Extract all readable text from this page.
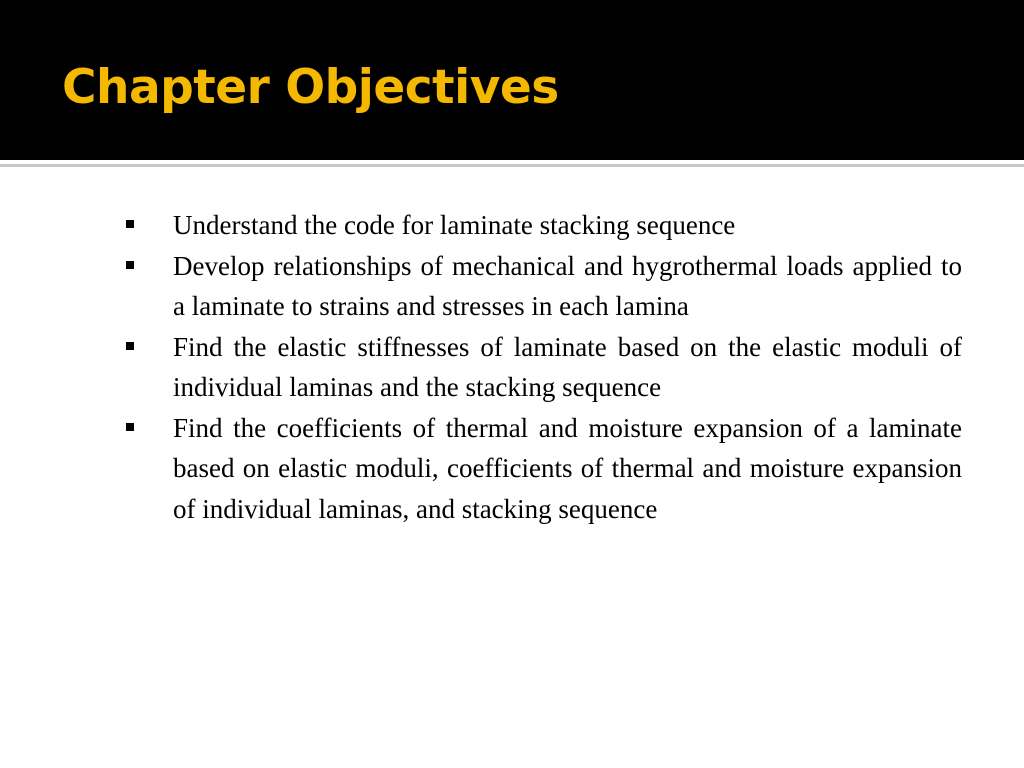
Chapter Objectives
Understand the code for laminate stacking sequence
Develop relationships of mechanical and hygrothermal loads applied to a laminate to strains and stresses in each lamina
Find the elastic stiffnesses of laminate based on the elastic moduli of individual laminas and the stacking sequence
Find the coefficients of thermal and moisture expansion of a laminate based on elastic moduli, coefficients of thermal and moisture expansion of individual laminas, and stacking sequence
